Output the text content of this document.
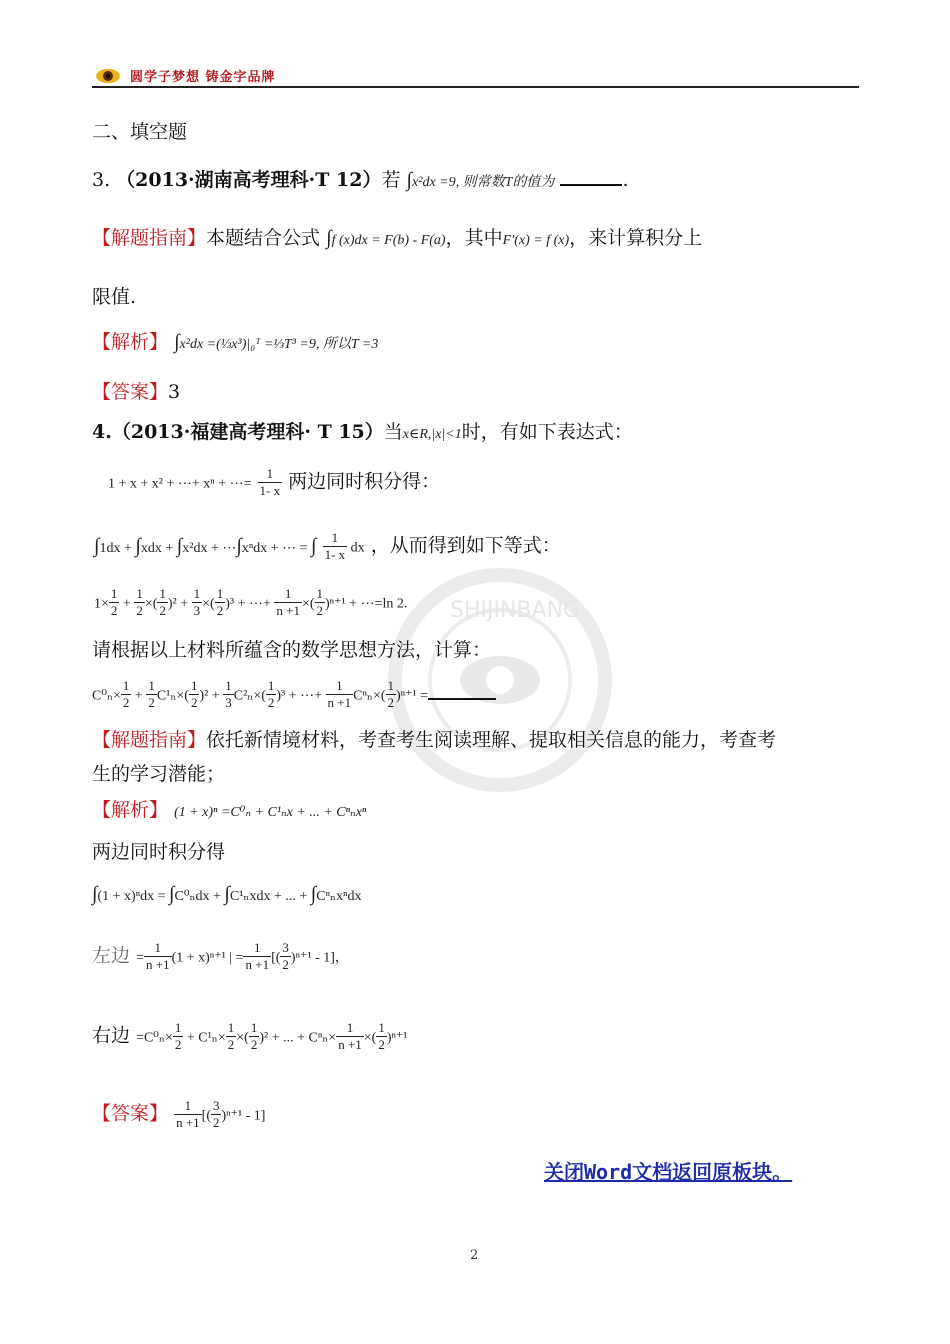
圆学子梦想 铸金字品牌
SHIJINBANG
二、填空题
3. （2013·湖南高考理科·T 12）若 ∫x²dx =9, 则常数T的值为	.
【解题指南】本题结合公式 ∫f (x)dx = F(b) - F(a)，其中F′(x) = f (x)，来计算积分上
限值.
【解析】 ∫x²dx =(⅓x³)|₀ᵀ =⅓T³ =9, 所以T =3
【答案】3
4.（2013·福建高考理科· T 15）当x∈R,|x|<1时，有如下表达式：
1 + x + x² + ⋯+ xⁿ + ⋯= $\frac{1}{1- x}$ 两边同时积分得：
∫1dx + ∫xdx + ∫x²dx + ⋯∫xⁿdx + ⋯ = ∫ $\frac{1}{1- x}$ dx ，从而得到如下等式：
$1\times \frac{1}{2} + \frac{1}{2}$ ×( $\frac{1}{2} )^2 + \frac{1}{3}$ ×( $\frac{1}{2} )^3$ + ⋯+ $\frac{1}{n +1}$ ×( $\frac{1}{2} )^{n+1}$ + ⋯=ln 2.
请根据以上材料所蕴含的数学思想方法，计算：
$C^0_n\times \frac{1}{2} + \frac{1}{2} C^1_n\times( \frac{1}{2} )^2 + \frac{1}{3} C^2_n\times( \frac{1}{2} )^3$ + ⋯+ $\frac{1}{n +1} C^n_n\times( \frac{1}{2} )^{n+1}$ =
【解题指南】依托新情境材料，考查考生阅读理解、提取相关信息的能力，考查考
生的学习潜能；
【解析】 (1 + x)ⁿ =C⁰ₙ + C¹ₙx + ... + Cⁿₙxⁿ
两边同时积分得
∫(1 + x)ⁿdx = ∫C⁰ₙdx + ∫C¹ₙxdx + ... + ∫Cⁿₙxⁿdx
左边 = $\frac{1}{n +1} (1 + x)^{n+1}$ | = $\frac{1}{n +1}$ [( $\frac{3}{2} )^{n+1} - 1$]，
右边 $=C^0_n\times \frac{1}{2} + C^1_n\times \frac{1}{2}$ ×( $\frac{1}{2} )^2$ + ... + $C^n_n\times \frac{1}{n +1}$ ×( $\frac{1}{2} )^{n+1}$
【答案】 $\frac{1}{n +1}$ [( $\frac{3}{2} )^{n+1} - 1$]
关闭Word文档返回原板块。
2
